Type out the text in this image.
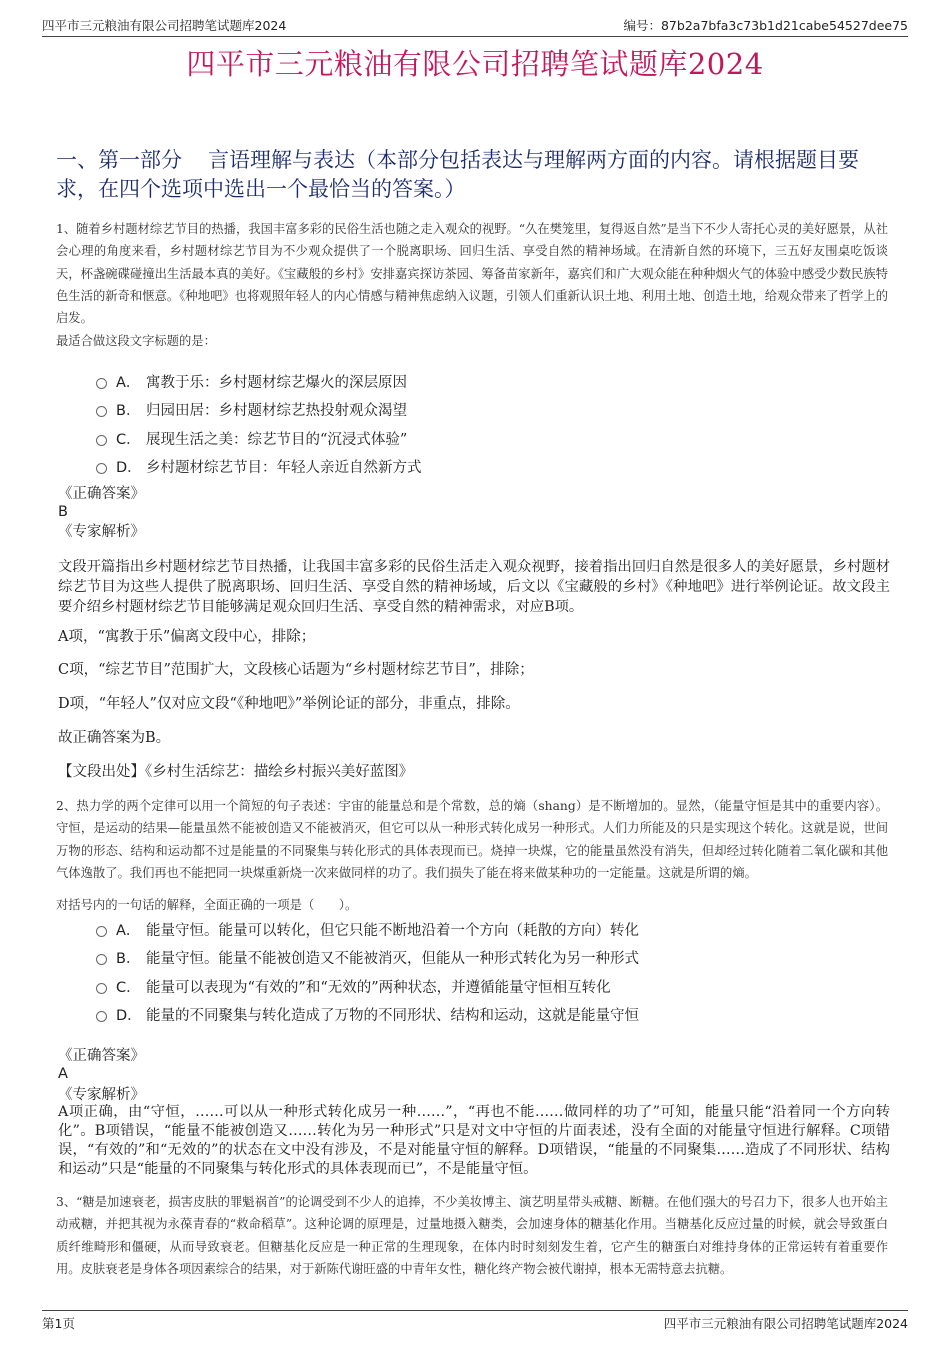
四平市三元粮油有限公司招聘笔试题库2024	编号：87b2a7bfa3c73b1d21cabe54527dee75
四平市三元粮油有限公司招聘笔试题库2024
一、第一部分 言语理解与表达（本部分包括表达与理解两方面的内容。请根据题目要求，在四个选项中选出一个最恰当的答案。）
1、随着乡村题材综艺节目的热播，我国丰富多彩的民俗生活也随之走入观众的视野。“久在樊笼里，复得返自然”是当下不少人寄托心灵的美好愿景，从社会心理的角度来看，乡村题材综艺节目为不少观众提供了一个脱离职场、回归生活、享受自然的精神场域。在清新自然的环境下，三五好友围桌吃饭谈天，杯盏碗碟碰撞出生活最本真的美好。《宝藏般的乡村》安排嘉宾探访茶园、筹备苗家新年，嘉宾们和广大观众能在种种烟火气的体验中感受少数民族特色生活的新奇和惬意。《种地吧》也将观照年轻人的内心情感与精神焦虑纳入议题，引领人们重新认识土地、利用土地、创造土地，给观众带来了哲学上的启发。
最适合做这段文字标题的是：
A． 寓教于乐：乡村题材综艺爆火的深层原因
B． 归园田居：乡村题材综艺热投射观众渴望
C． 展现生活之美：综艺节目的“沉浸式体验”
D． 乡村题材综艺节目：年轻人亲近自然新方式
《正确答案》
B
《专家解析》
文段开篇指出乡村题材综艺节目热播，让我国丰富多彩的民俗生活走入观众视野，接着指出回归自然是很多人的美好愿景，乡村题材综艺节目为这些人提供了脱离职场、回归生活、享受自然的精神场域，后文以《宝藏般的乡村》《种地吧》进行举例论证。故文段主要介绍乡村题材综艺节目能够满足观众回归生活、享受自然的精神需求，对应B项。
A项，“寓教于乐”偏离文段中心，排除；
C项，“综艺节目”范围扩大，文段核心话题为“乡村题材综艺节目”，排除；
D项，“年轻人”仅对应文段“《种地吧》”举例论证的部分，非重点，排除。
故正确答案为B。
【文段出处】《乡村生活综艺：描绘乡村振兴美好蓝图》
2、热力学的两个定律可以用一个简短的句子表述：宇宙的能量总和是个常数，总的熵（shang）是不断增加的。显然，（能量守恒是其中的重要内容）。守恒，是运动的结果—能量虽然不能被创造又不能被消灭，但它可以从一种形式转化成另一种形式。人们力所能及的只是实现这个转化。这就是说，世间万物的形态、结构和运动都不过是能量的不同聚集与转化形式的具体表现而已。烧掉一块煤，它的能量虽然没有消失，但却经过转化随着二氧化碳和其他气体逸散了。我们再也不能把同一块煤重新烧一次来做同样的功了。我们损失了能在将来做某种功的一定能量。这就是所谓的熵。
对括号内的一句话的解释，全面正确的一项是（　　）。
A． 能量守恒。能量可以转化，但它只能不断地沿着一个方向（耗散的方向）转化
B． 能量守恒。能量不能被创造又不能被消灭，但能从一种形式转化为另一种形式
C． 能量可以表现为“有效的”和“无效的”两种状态，并遵循能量守恒相互转化
D． 能量的不同聚集与转化造成了万物的不同形状、结构和运动，这就是能量守恒
《正确答案》
A
《专家解析》
A项正确，由“守恒，……可以从一种形式转化成另一种……”，“再也不能……做同样的功了”可知，能量只能“沿着同一个方向转化”。B项错误，“能量不能被创造又……转化为另一种形式”只是对文中守恒的片面表述，没有全面的对能量守恒进行解释。C项错误，“有效的”和“无效的”的状态在文中没有涉及，不是对能量守恒的解释。D项错误，“能量的不同聚集……造成了不同形状、结构和运动”只是“能量的不同聚集与转化形式的具体表现而已”，不是能量守恒。
3、“糖是加速衰老，损害皮肤的罪魁祸首”的论调受到不少人的追捧，不少美妆博主、演艺明星带头戒糖、断糖。在他们强大的号召力下，很多人也开始主动戒糖，并把其视为永葆青春的“救命稻草”。这种论调的原理是，过量地摄入糖类，会加速身体的糖基化作用。当糖基化反应过量的时候，就会导致蛋白质纤维畸形和僵硬，从而导致衰老。但糖基化反应是一种正常的生理现象，在体内时时刻刻发生着，它产生的糖蛋白对维持身体的正常运转有着重要作用。皮肤衰老是身体各项因素综合的结果，对于新陈代谢旺盛的中青年女性，糖化终产物会被代谢掉，根本无需特意去抗糖。
第1页	四平市三元粮油有限公司招聘笔试题库2024
